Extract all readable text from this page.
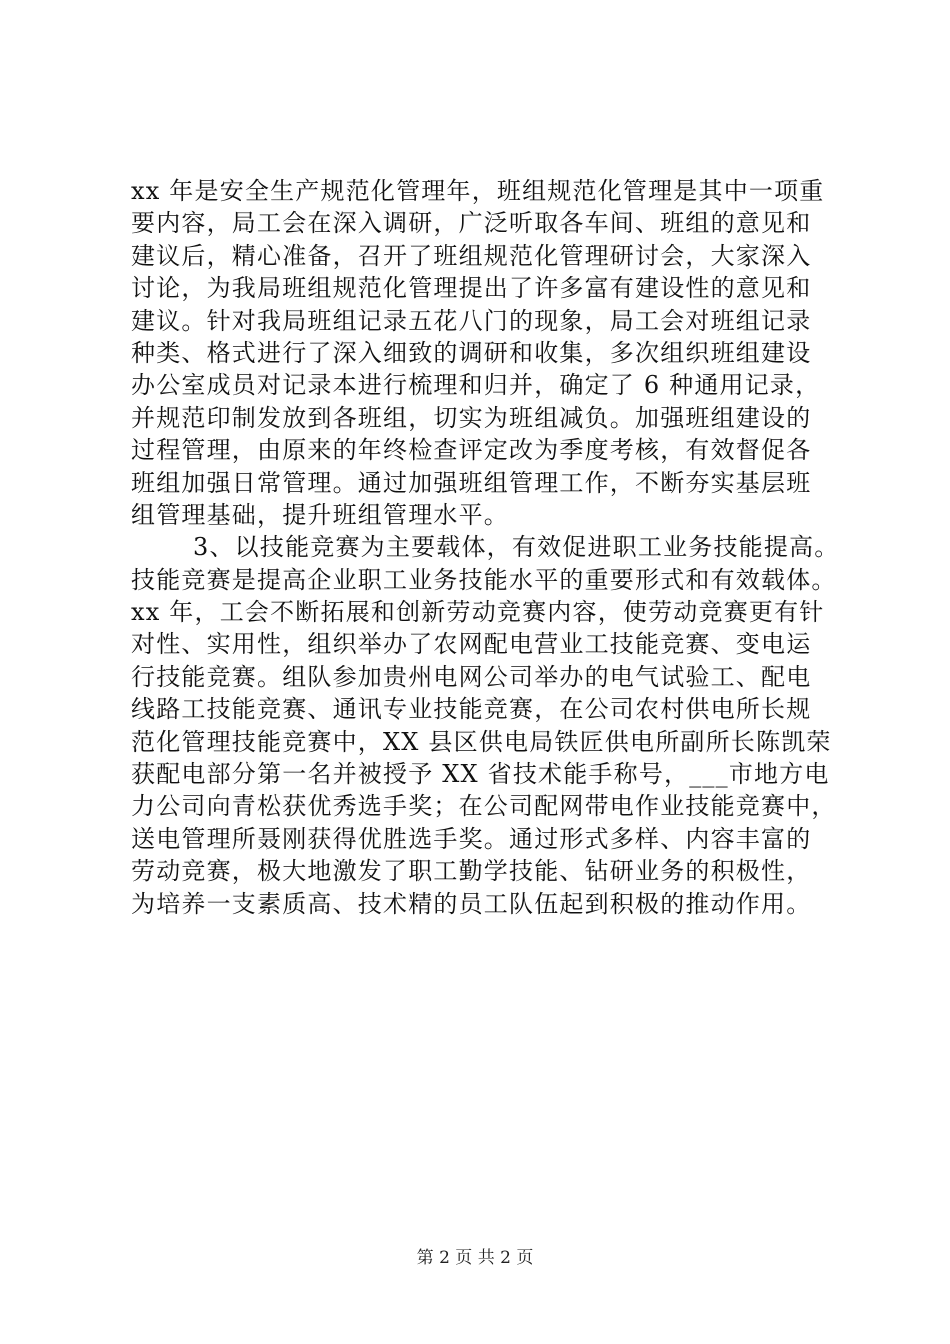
xx 年是安全生产规范化管理年，班组规范化管理是其中一项重
要内容，局工会在深入调研，广泛听取各车间、班组的意见和
建议后，精心准备，召开了班组规范化管理研讨会，大家深入
讨论，为我局班组规范化管理提出了许多富有建设性的意见和
建议。针对我局班组记录五花八门的现象，局工会对班组记录
种类、格式进行了深入细致的调研和收集，多次组织班组建设
办公室成员对记录本进行梳理和归并，确定了 6 种通用记录，
并规范印制发放到各班组，切实为班组减负。加强班组建设的
过程管理，由原来的年终检查评定改为季度考核，有效督促各
班组加强日常管理。通过加强班组管理工作，不断夯实基层班
组管理基础，提升班组管理水平。
3、以技能竞赛为主要载体，有效促进职工业务技能提高。
技能竞赛是提高企业职工业务技能水平的重要形式和有效载体。
xx 年，工会不断拓展和创新劳动竞赛内容，使劳动竞赛更有针
对性、实用性，组织举办了农网配电营业工技能竞赛、变电运
行技能竞赛。组队参加贵州电网公司举办的电气试验工、配电
线路工技能竞赛、通讯专业技能竞赛，在公司农村供电所长规
范化管理技能竞赛中，XX 县区供电局铁匠供电所副所长陈凯荣
获配电部分第一名并被授予 XX 省技术能手称号，___市地方电
力公司向青松获优秀选手奖；在公司配网带电作业技能竞赛中，
送电管理所聂刚获得优胜选手奖。通过形式多样、内容丰富的
劳动竞赛，极大地激发了职工勤学技能、钻研业务的积极性，
为培养一支素质高、技术精的员工队伍起到积极的推动作用。
第 2 页 共 2 页
